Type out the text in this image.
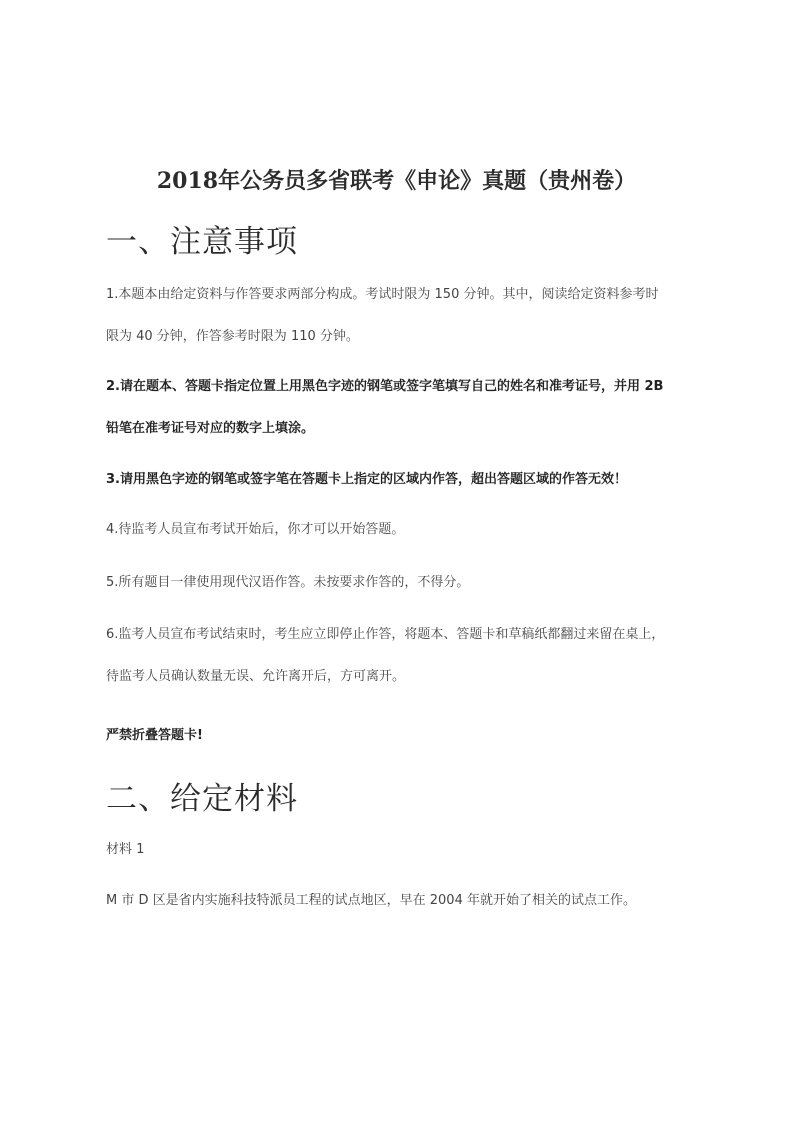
2018年公务员多省联考《申论》真题（贵州卷）
一、注意事项
1.本题本由给定资料与作答要求两部分构成。考试时限为 150 分钟。其中，阅读给定资料参考时
限为 40 分钟，作答参考时限为 110 分钟。
2.请在题本、答题卡指定位置上用黑色字迹的钢笔或签字笔填写自己的姓名和准考证号，并用 2B
铅笔在准考证号对应的数字上填涂。
3.请用黑色字迹的钢笔或签字笔在答题卡上指定的区域内作答，超出答题区域的作答无效！
4.待监考人员宣布考试开始后，你才可以开始答题。
5.所有题目一律使用现代汉语作答。未按要求作答的，不得分。
6.监考人员宣布考试结束时，考生应立即停止作答，将题本、答题卡和草稿纸都翻过来留在桌上，
待监考人员确认数量无误、允许离开后，方可离开。
严禁折叠答题卡!
二、给定材料
材料 1
M 市 D 区是省内实施科技特派员工程的试点地区，早在 2004 年就开始了相关的试点工作。
